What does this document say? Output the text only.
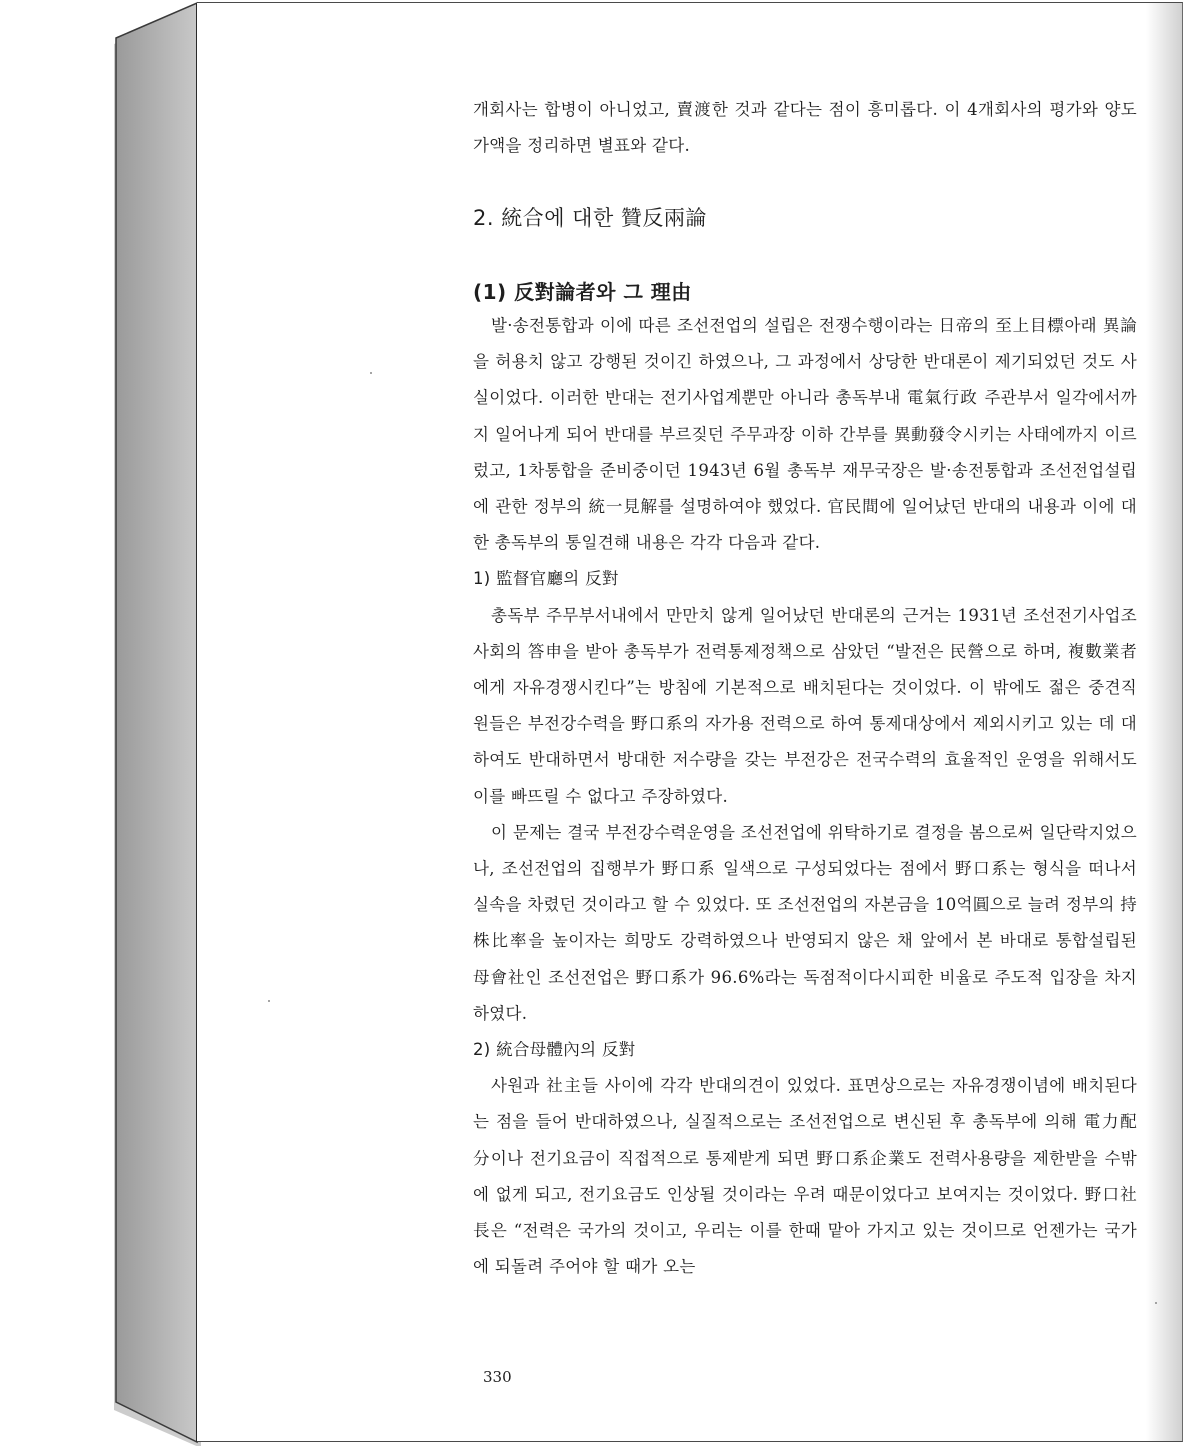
개회사는 합병이 아니었고, 賣渡한 것과 같다는 점이 흥미롭다. 이 4개회사의 평가와 양도가액을 정리하면 별표와 같다.

2. 統合에 대한 贊反兩論
(1) 反對論者와 그 理由

발·송전통합과 이에 따른 조선전업의 설립은 전쟁수행이라는 日帝의 至上目標아래 異論을 허용치 않고 강행된 것이긴 하였으나, 그 과정에서 상당한 반대론이 제기되었던 것도 사실이었다. 이러한 반대는 전기사업계뿐만 아니라 총독부내 電氣行政 주관부서 일각에서까지 일어나게 되어 반대를 부르짖던 주무과장 이하 간부를 異動發令시키는 사태에까지 이르렀고, 1차통합을 준비중이던 1943년 6월 총독부 재무국장은 발·송전통합과 조선전업설립에 관한 정부의 統一見解를 설명하여야 했었다. 官民間에 일어났던 반대의 내용과 이에 대한 총독부의 통일견해 내용은 각각 다음과 같다.

1) 監督官廳의 反對

총독부 주무부서내에서 만만치 않게 일어났던 반대론의 근거는 1931년 조선전기사업조사회의 答申을 받아 총독부가 전력통제정책으로 삼았던 “발전은 民營으로 하며, 複數業者에게 자유경쟁시킨다”는 방침에 기본적으로 배치된다는 것이었다. 이 밖에도 젊은 중견직원들은 부전강수력을 野口系의 자가용 전력으로 하여 통제대상에서 제외시키고 있는 데 대하여도 반대하면서 방대한 저수량을 갖는 부전강은 전국수력의 효율적인 운영을 위해서도 이를 빠뜨릴 수 없다고 주장하였다.

이 문제는 결국 부전강수력운영을 조선전업에 위탁하기로 결정을 봄으로써 일단락지었으나, 조선전업의 집행부가 野口系 일색으로 구성되었다는 점에서 野口系는 형식을 떠나서 실속을 차렸던 것이라고 할 수 있었다. 또 조선전업의 자본금을 10억圓으로 늘려 정부의 持株比率을 높이자는 희망도 강력하였으나 반영되지 않은 채 앞에서 본 바대로 통합설립된 母會社인 조선전업은 野口系가 96.6%라는 독점적이다시피한 비율로 주도적 입장을 차지하였다.

2) 統合母體內의 反對

사원과 社主들 사이에 각각 반대의견이 있었다. 표면상으로는 자유경쟁이념에 배치된다는 점을 들어 반대하였으나, 실질적으로는 조선전업으로 변신된 후 총독부에 의해 電力配分이나 전기요금이 직접적으로 통제받게 되면 野口系企業도 전력사용량을 제한받을 수밖에 없게 되고, 전기요금도 인상될 것이라는 우려 때문이었다고 보여지는 것이었다. 野口社長은 “전력은 국가의 것이고, 우리는 이를 한때 맡아 가지고 있는 것이므로 언젠가는 국가에 되돌려 주어야 할 때가 오는

330
